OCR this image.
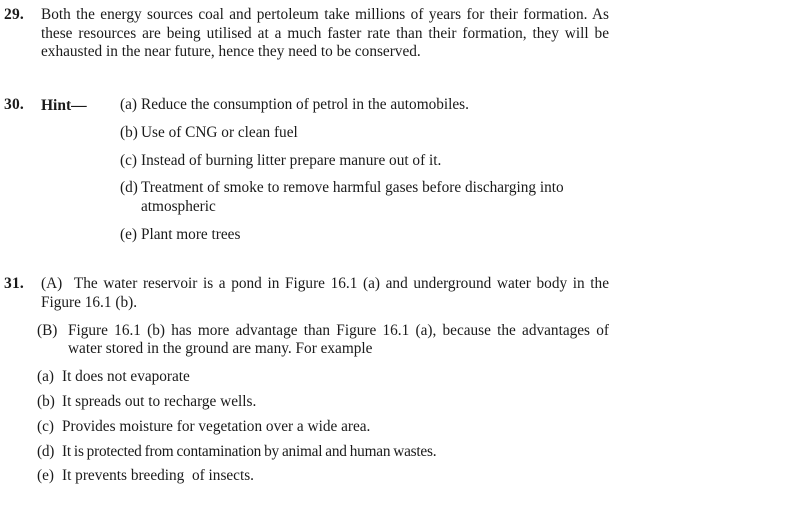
29. Both the energy sources coal and pertoleum take millions of years for their formation. As these resources are being utilised at a much faster rate than their formation, they will be exhausted in the near future, hence they need to be conserved.

30. Hint— (a) Reduce the consumption of petrol in the automobiles.
(b) Use of CNG or clean fuel
(c) Instead of burning litter prepare manure out of it.
(d) Treatment of smoke to remove harmful gases before discharging into atmospheric
(e) Plant more trees
31. (A) The water reservoir is a pond in Figure 16.1 (a) and underground water body in the Figure 16.1 (b).
(B) Figure 16.1 (b) has more advantage than Figure 16.1 (a), because the advantages of water stored in the ground are many. For example
(a) It does not evaporate
(b) It spreads out to recharge wells.
(c) Provides moisture for vegetation over a wide area.
(d) It is protected from contamination by animal and human wastes.
(e) It prevents breeding  of insects.
